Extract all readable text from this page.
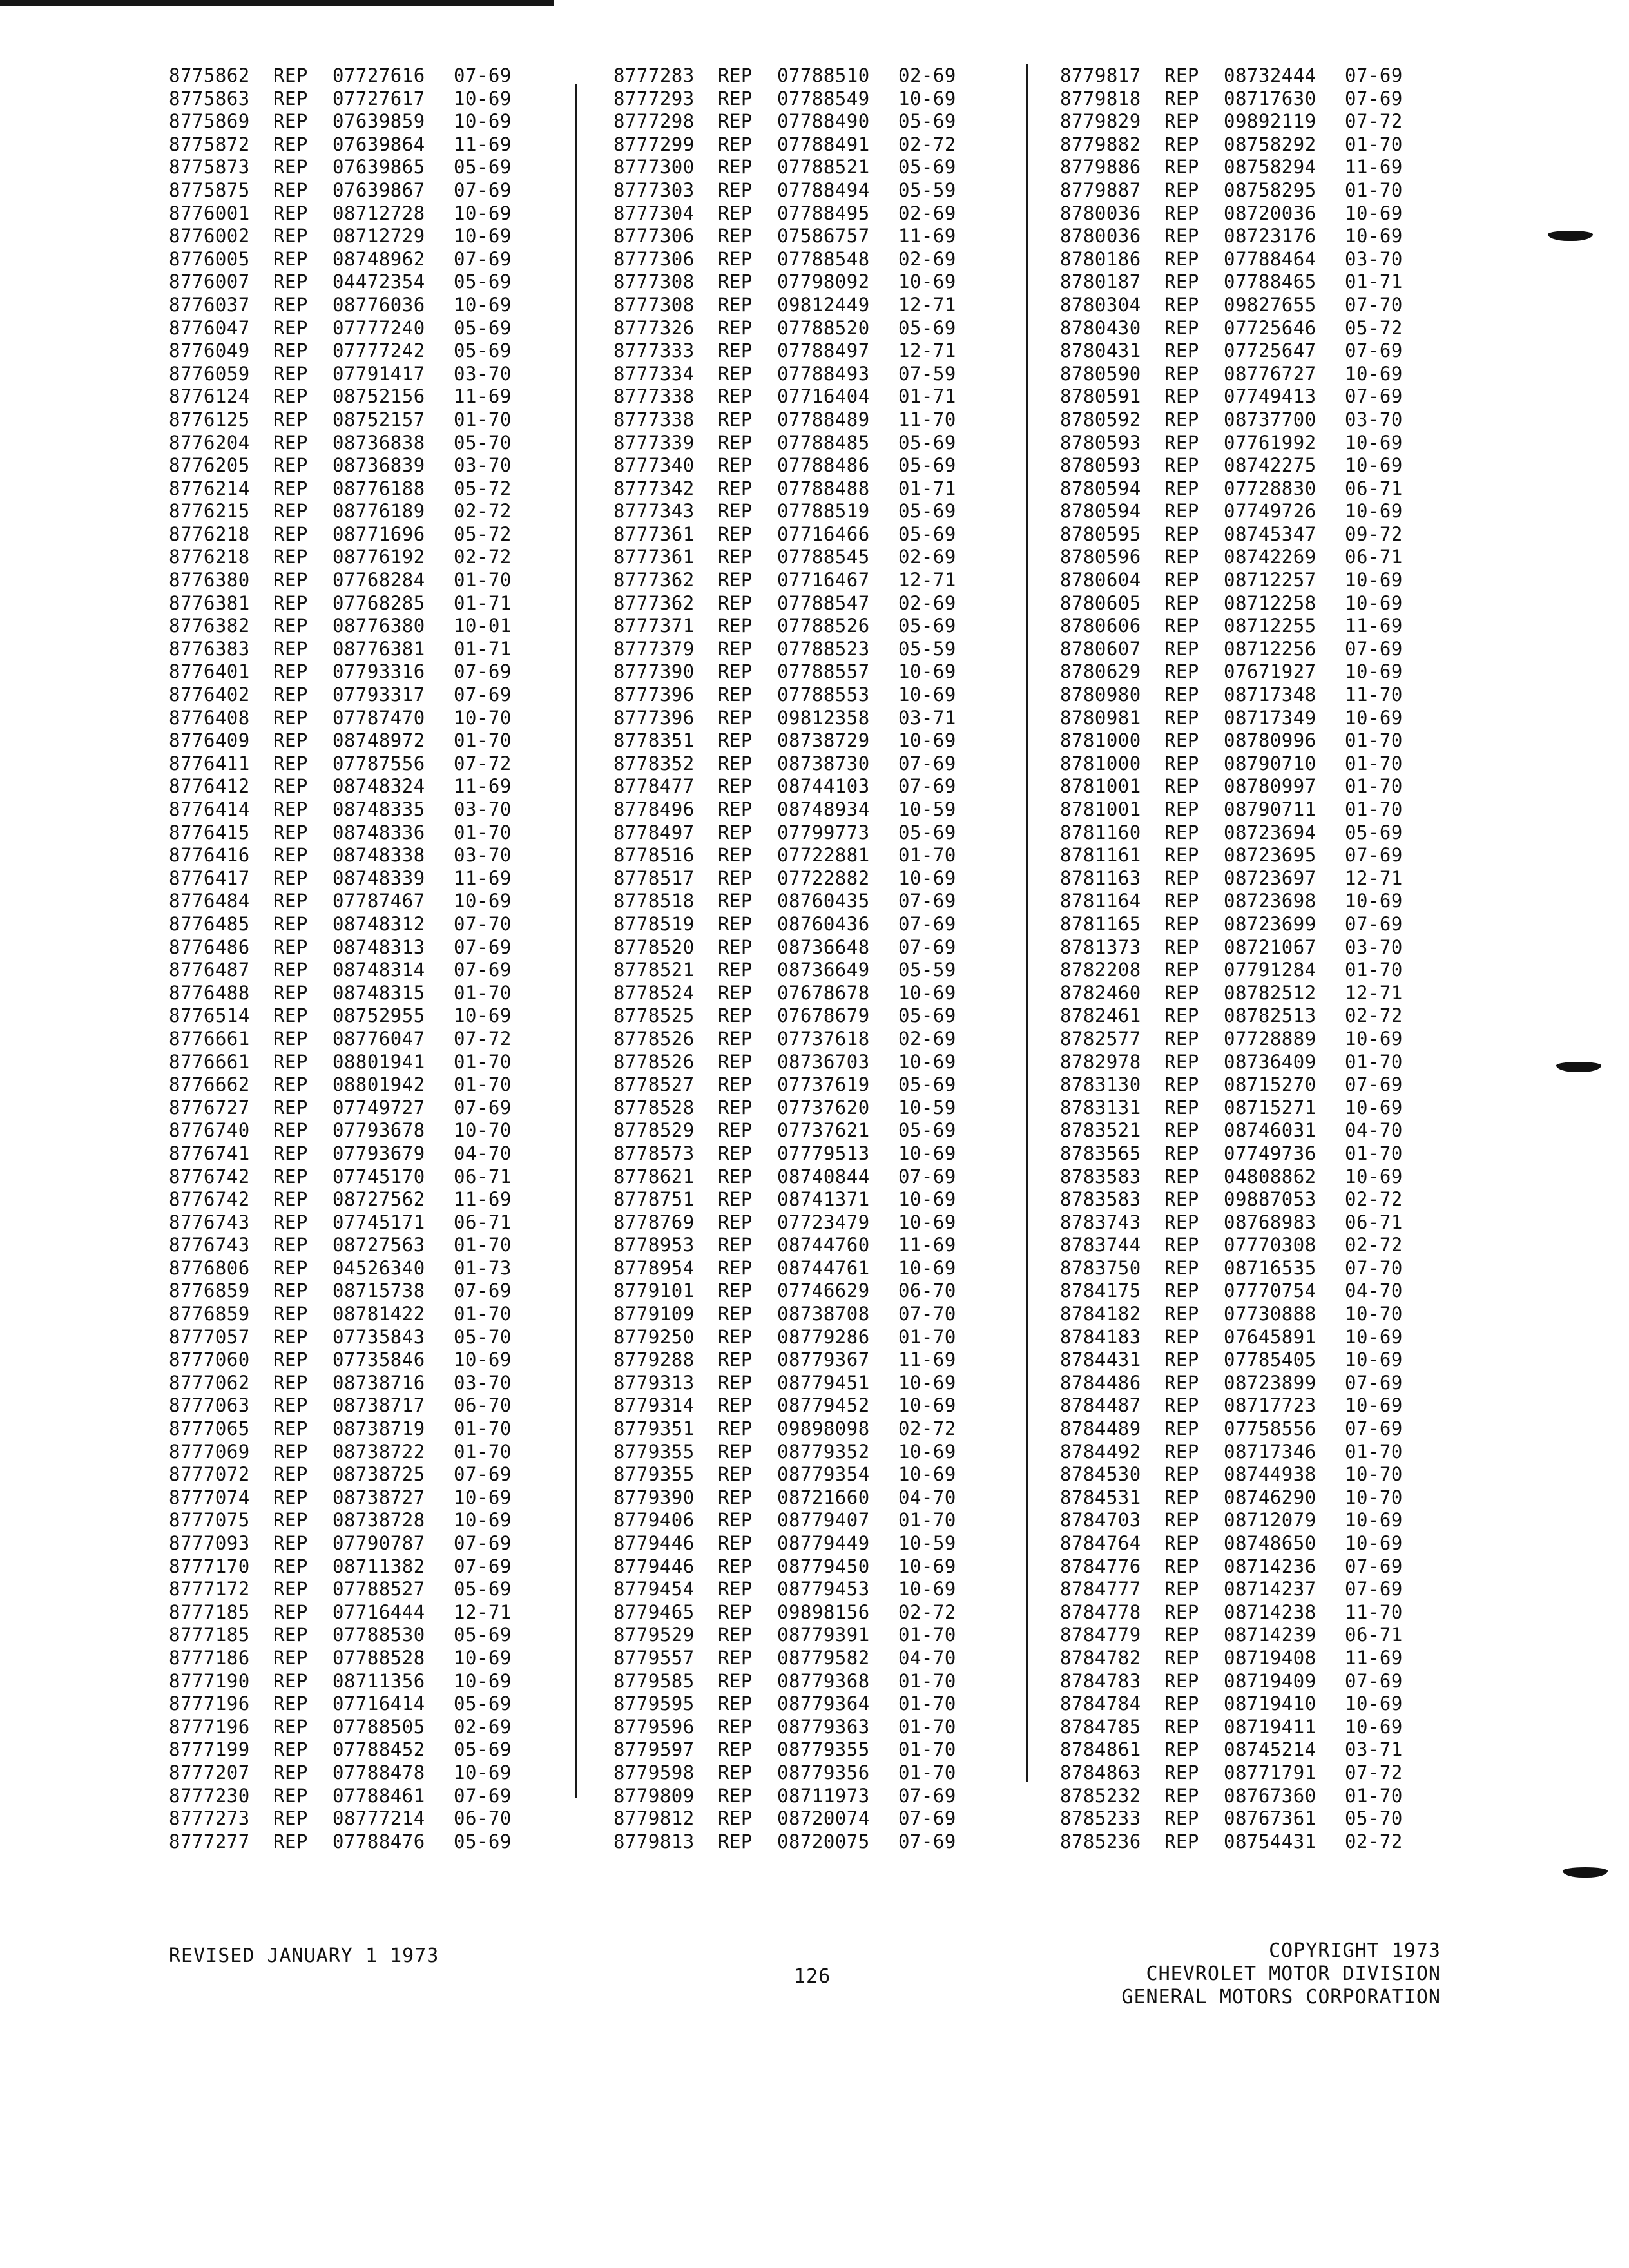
8775862 REP 07727616 07-69
8775863 REP 07727617 10-69
8775869 REP 07639859 10-69
8775872 REP 07639864 11-69
8775873 REP 07639865 05-69
8775875 REP 07639867 07-69
8776001 REP 08712728 10-69
8776002 REP 08712729 10-69
8776005 REP 08748962 07-69
8776007 REP 04472354 05-69
8776037 REP 08776036 10-69
8776047 REP 07777240 05-69
8776049 REP 07777242 05-69
8776059 REP 07791417 03-70
8776124 REP 08752156 11-69
8776125 REP 08752157 01-70
8776204 REP 08736838 05-70
8776205 REP 08736839 03-70
8776214 REP 08776188 05-72
8776215 REP 08776189 02-72
8776218 REP 08771696 05-72
8776218 REP 08776192 02-72
8776380 REP 07768284 01-70
8776381 REP 07768285 01-71
8776382 REP 08776380 10-01
8776383 REP 08776381 01-71
8776401 REP 07793316 07-69
8776402 REP 07793317 07-69
8776408 REP 07787470 10-70
8776409 REP 08748972 01-70
8776411 REP 07787556 07-72
8776412 REP 08748324 11-69
8776414 REP 08748335 03-70
8776415 REP 08748336 01-70
8776416 REP 08748338 03-70
8776417 REP 08748339 11-69
8776484 REP 07787467 10-69
8776485 REP 08748312 07-70
8776486 REP 08748313 07-69
8776487 REP 08748314 07-69
8776488 REP 08748315 01-70
8776514 REP 08752955 10-69
8776661 REP 08776047 07-72
8776661 REP 08801941 01-70
8776662 REP 08801942 01-70
8776727 REP 07749727 07-69
8776740 REP 07793678 10-70
8776741 REP 07793679 04-70
8776742 REP 07745170 06-71
8776742 REP 08727562 11-69
8776743 REP 07745171 06-71
8776743 REP 08727563 01-70
8776806 REP 04526340 01-73
8776859 REP 08715738 07-69
8776859 REP 08781422 01-70
8777057 REP 07735843 05-70
8777060 REP 07735846 10-69
8777062 REP 08738716 03-70
8777063 REP 08738717 06-70
8777065 REP 08738719 01-70
8777069 REP 08738722 01-70
8777072 REP 08738725 07-69
8777074 REP 08738727 10-69
8777075 REP 08738728 10-69
8777093 REP 07790787 07-69
8777170 REP 08711382 07-69
8777172 REP 07788527 05-69
8777185 REP 07716444 12-71
8777185 REP 07788530 05-69
8777186 REP 07788528 10-69
8777190 REP 08711356 10-69
8777196 REP 07716414 05-69
8777196 REP 07788505 02-69
8777199 REP 07788452 05-69
8777207 REP 07788478 10-69
8777230 REP 07788461 07-69
8777273 REP 08777214 06-70
8777277 REP 07788476 05-69
8777283 REP 07788510 02-69
8777293 REP 07788549 10-69
8777298 REP 07788490 05-69
8777299 REP 07788491 02-72
8777300 REP 07788521 05-69
8777303 REP 07788494 05-59
8777304 REP 07788495 02-69
8777306 REP 07586757 11-69
8777306 REP 07788548 02-69
8777308 REP 07798092 10-69
8777308 REP 09812449 12-71
8777326 REP 07788520 05-69
8777333 REP 07788497 12-71
8777334 REP 07788493 07-59
8777338 REP 07716404 01-71
8777338 REP 07788489 11-70
8777339 REP 07788485 05-69
8777340 REP 07788486 05-69
8777342 REP 07788488 01-71
8777343 REP 07788519 05-69
8777361 REP 07716466 05-69
8777361 REP 07788545 02-69
8777362 REP 07716467 12-71
8777362 REP 07788547 02-69
8777371 REP 07788526 05-69
8777379 REP 07788523 05-59
8777390 REP 07788557 10-69
8777396 REP 07788553 10-69
8777396 REP 09812358 03-71
8778351 REP 08738729 10-69
8778352 REP 08738730 07-69
8778477 REP 08744103 07-69
8778496 REP 08748934 10-59
8778497 REP 07799773 05-69
8778516 REP 07722881 01-70
8778517 REP 07722882 10-69
8778518 REP 08760435 07-69
8778519 REP 08760436 07-69
8778520 REP 08736648 07-69
8778521 REP 08736649 05-59
8778524 REP 07678678 10-69
8778525 REP 07678679 05-69
8778526 REP 07737618 02-69
8778526 REP 08736703 10-69
8778527 REP 07737619 05-69
8778528 REP 07737620 10-59
8778529 REP 07737621 05-69
8778573 REP 07779513 10-69
8778621 REP 08740844 07-69
8778751 REP 08741371 10-69
8778769 REP 07723479 10-69
8778953 REP 08744760 11-69
8778954 REP 08744761 10-69
8779101 REP 07746629 06-70
8779109 REP 08738708 07-70
8779250 REP 08779286 01-70
8779288 REP 08779367 11-69
8779313 REP 08779451 10-69
8779314 REP 08779452 10-69
8779351 REP 09898098 02-72
8779355 REP 08779352 10-69
8779355 REP 08779354 10-69
8779390 REP 08721660 04-70
8779406 REP 08779407 01-70
8779446 REP 08779449 10-59
8779446 REP 08779450 10-69
8779454 REP 08779453 10-69
8779465 REP 09898156 02-72
8779529 REP 08779391 01-70
8779557 REP 08779582 04-70
8779585 REP 08779368 01-70
8779595 REP 08779364 01-70
8779596 REP 08779363 01-70
8779597 REP 08779355 01-70
8779598 REP 08779356 01-70
8779809 REP 08711973 07-69
8779812 REP 08720074 07-69
8779813 REP 08720075 07-69
8779817 REP 08732444 07-69
8779818 REP 08717630 07-69
8779829 REP 09892119 07-72
8779882 REP 08758292 01-70
8779886 REP 08758294 11-69
8779887 REP 08758295 01-70
8780036 REP 08720036 10-69
8780036 REP 08723176 10-69
8780186 REP 07788464 03-70
8780187 REP 07788465 01-71
8780304 REP 09827655 07-70
8780430 REP 07725646 05-72
8780431 REP 07725647 07-69
8780590 REP 08776727 10-69
8780591 REP 07749413 07-69
8780592 REP 08737700 03-70
8780593 REP 07761992 10-69
8780593 REP 08742275 10-69
8780594 REP 07728830 06-71
8780594 REP 07749726 10-69
8780595 REP 08745347 09-72
8780596 REP 08742269 06-71
8780604 REP 08712257 10-69
8780605 REP 08712258 10-69
8780606 REP 08712255 11-69
8780607 REP 08712256 07-69
8780629 REP 07671927 10-69
8780980 REP 08717348 11-70
8780981 REP 08717349 10-69
8781000 REP 08780996 01-70
8781000 REP 08790710 01-70
8781001 REP 08780997 01-70
8781001 REP 08790711 01-70
8781160 REP 08723694 05-69
8781161 REP 08723695 07-69
8781163 REP 08723697 12-71
8781164 REP 08723698 10-69
8781165 REP 08723699 07-69
8781373 REP 08721067 03-70
8782208 REP 07791284 01-70
8782460 REP 08782512 12-71
8782461 REP 08782513 02-72
8782577 REP 07728889 10-69
8782978 REP 08736409 01-70
8783130 REP 08715270 07-69
8783131 REP 08715271 10-69
8783521 REP 08746031 04-70
8783565 REP 07749736 01-70
8783583 REP 04808862 10-69
8783583 REP 09887053 02-72
8783743 REP 08768983 06-71
8783744 REP 07770308 02-72
8783750 REP 08716535 07-70
8784175 REP 07770754 04-70
8784182 REP 07730888 10-70
8784183 REP 07645891 10-69
8784431 REP 07785405 10-69
8784486 REP 08723899 07-69
8784487 REP 08717723 10-69
8784489 REP 07758556 07-69
8784492 REP 08717346 01-70
8784530 REP 08744938 10-70
8784531 REP 08746290 10-70
8784703 REP 08712079 10-69
8784764 REP 08748650 10-69
8784776 REP 08714236 07-69
8784777 REP 08714237 07-69
8784778 REP 08714238 11-70
8784779 REP 08714239 06-71
8784782 REP 08719408 11-69
8784783 REP 08719409 07-69
8784784 REP 08719410 10-69
8784785 REP 08719411 10-69
8784861 REP 08745214 03-71
8784863 REP 08771791 07-72
8785232 REP 08767360 01-70
8785233 REP 08767361 05-70
8785236 REP 08754431 02-72
REVISED JANUARY 1 1973
126
COPYRIGHT 1973
CHEVROLET MOTOR DIVISION
GENERAL MOTORS CORPORATION
